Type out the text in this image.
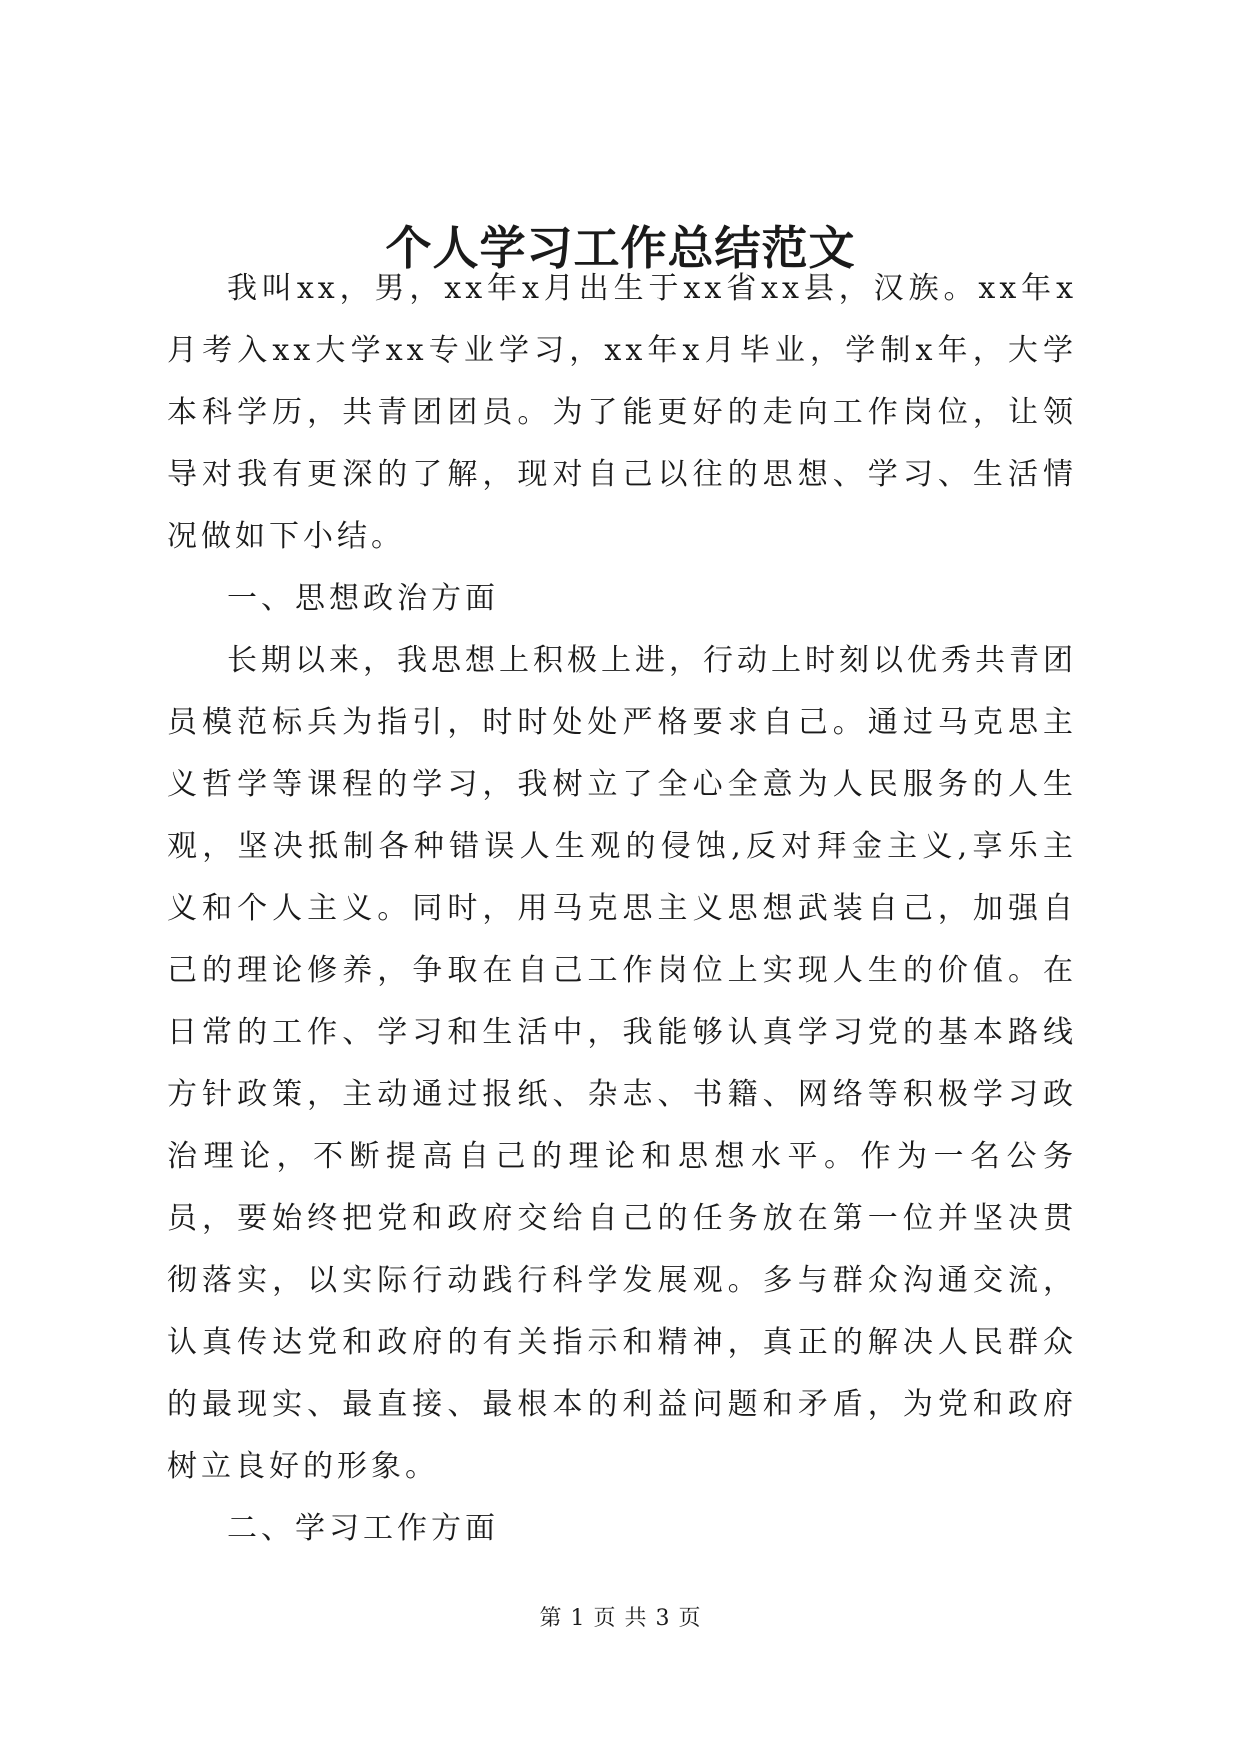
个人学习工作总结范文

我叫xx，男，xx年x月出生于xx省xx县，汉族。xx年x月考入xx大学xx专业学习，xx年x月毕业，学制x年，大学本科学历，共青团团员。为了能更好的走向工作岗位，让领导对我有更深的了解，现对自己以往的思想、学习、生活情况做如下小结。

一、思想政治方面

长期以来，我思想上积极上进，行动上时刻以优秀共青团员模范标兵为指引，时时处处严格要求自己。通过马克思主义哲学等课程的学习，我树立了全心全意为人民服务的人生观，坚决抵制各种错误人生观的侵蚀,反对拜金主义,享乐主义和个人主义。同时，用马克思主义思想武装自己，加强自己的理论修养，争取在自己工作岗位上实现人生的价值。在日常的工作、学习和生活中，我能够认真学习党的基本路线方针政策，主动通过报纸、杂志、书籍、网络等积极学习政治理论，不断提高自己的理论和思想水平。作为一名公务员，要始终把党和政府交给自己的任务放在第一位并坚决贯彻落实，以实际行动践行科学发展观。多与群众沟通交流，认真传达党和政府的有关指示和精神，真正的解决人民群众的最现实、最直接、最根本的利益问题和矛盾，为党和政府树立良好的形象。

二、学习工作方面

第 1 页 共 3 页
